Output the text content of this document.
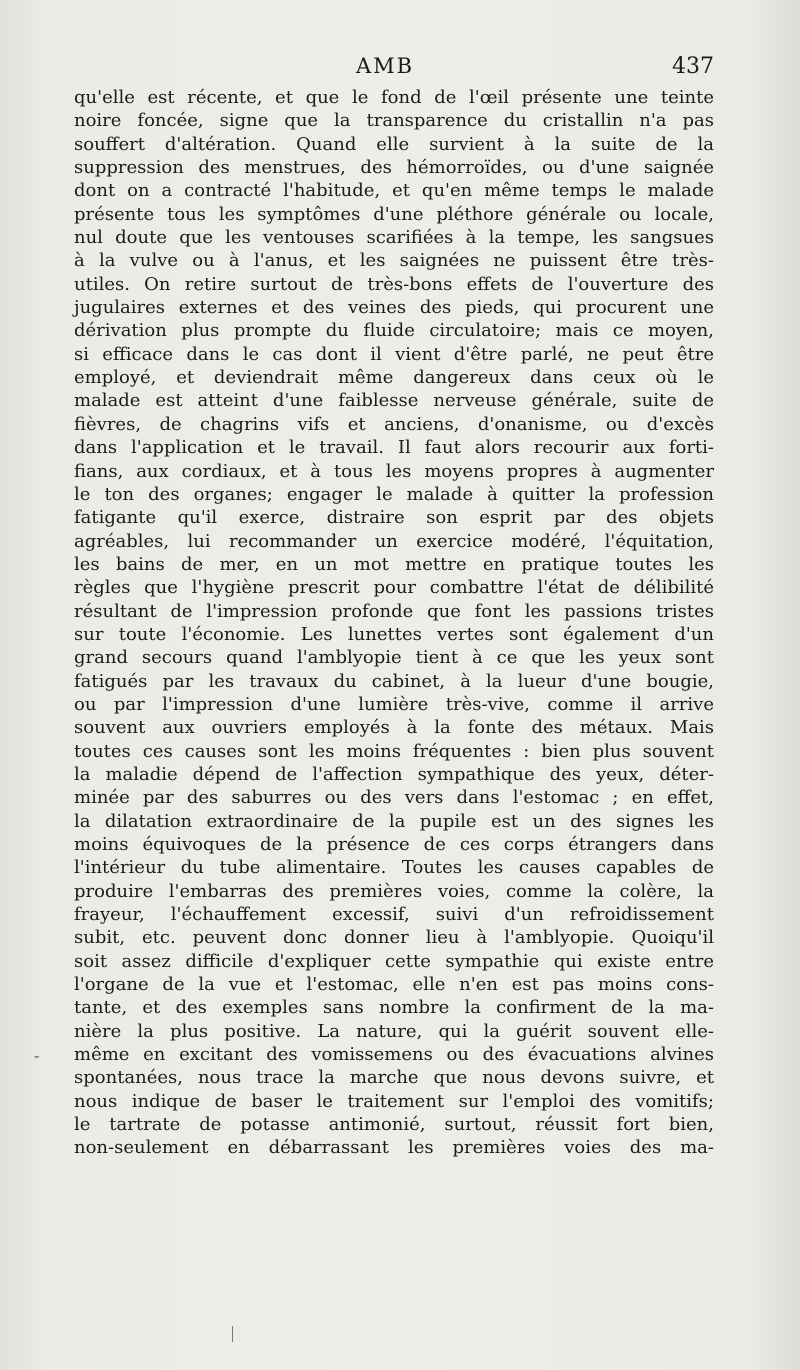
AMB	437
qu'elle est récente, et que le fond de l'œil présente une teinte
noire foncée, signe que la transparence du cristallin n'a pas
souffert d'altération. Quand elle survient à la suite de la
suppression des menstrues, des hémorroïdes, ou d'une saignée
dont on a contracté l'habitude, et qu'en même temps le malade
présente tous les symptômes d'une pléthore générale ou locale,
nul doute que les ventouses scarifiées à la tempe, les sangsues
à la vulve ou à l'anus, et les saignées ne puissent être très-
utiles. On retire surtout de très-bons effets de l'ouverture des
jugulaires externes et des veines des pieds, qui procurent une
dérivation plus prompte du fluide circulatoire; mais ce moyen,
si efficace dans le cas dont il vient d'être parlé, ne peut être
employé, et deviendrait même dangereux dans ceux où le
malade est atteint d'une faiblesse nerveuse générale, suite de
fièvres, de chagrins vifs et anciens, d'onanisme, ou d'excès
dans l'application et le travail. Il faut alors recourir aux forti-
fians, aux cordiaux, et à tous les moyens propres à augmenter
le ton des organes; engager le malade à quitter la profession
fatigante qu'il exerce, distraire son esprit par des objets
agréables, lui recommander un exercice modéré, l'équitation,
les bains de mer, en un mot mettre en pratique toutes les
règles que l'hygiène prescrit pour combattre l'état de délibilité
résultant de l'impression profonde que font les passions tristes
sur toute l'économie. Les lunettes vertes sont également d'un
grand secours quand l'amblyopie tient à ce que les yeux sont
fatigués par les travaux du cabinet, à la lueur d'une bougie,
ou par l'impression d'une lumière très-vive, comme il arrive
souvent aux ouvriers employés à la fonte des métaux. Mais
toutes ces causes sont les moins fréquentes : bien plus souvent
la maladie dépend de l'affection sympathique des yeux, déter-
minée par des saburres ou des vers dans l'estomac ; en effet,
la dilatation extraordinaire de la pupile est un des signes les
moins équivoques de la présence de ces corps étrangers dans
l'intérieur du tube alimentaire. Toutes les causes capables de
produire l'embarras des premières voies, comme la colère, la
frayeur, l'échauffement excessif, suivi d'un refroidissement
subit, etc. peuvent donc donner lieu à l'amblyopie. Quoiqu'il
soit assez difficile d'expliquer cette sympathie qui existe entre
l'organe de la vue et l'estomac, elle n'en est pas moins cons-
tante, et des exemples sans nombre la confirment de la ma-
nière la plus positive. La nature, qui la guérit souvent elle-
même en excitant des vomissemens ou des évacuations alvines
spontanées, nous trace la marche que nous devons suivre, et
nous indique de baser le traitement sur l'emploi des vomitifs;
le tartrate de potasse antimonié, surtout, réussit fort bien,
non-seulement en débarrassant les premières voies des ma-
-
